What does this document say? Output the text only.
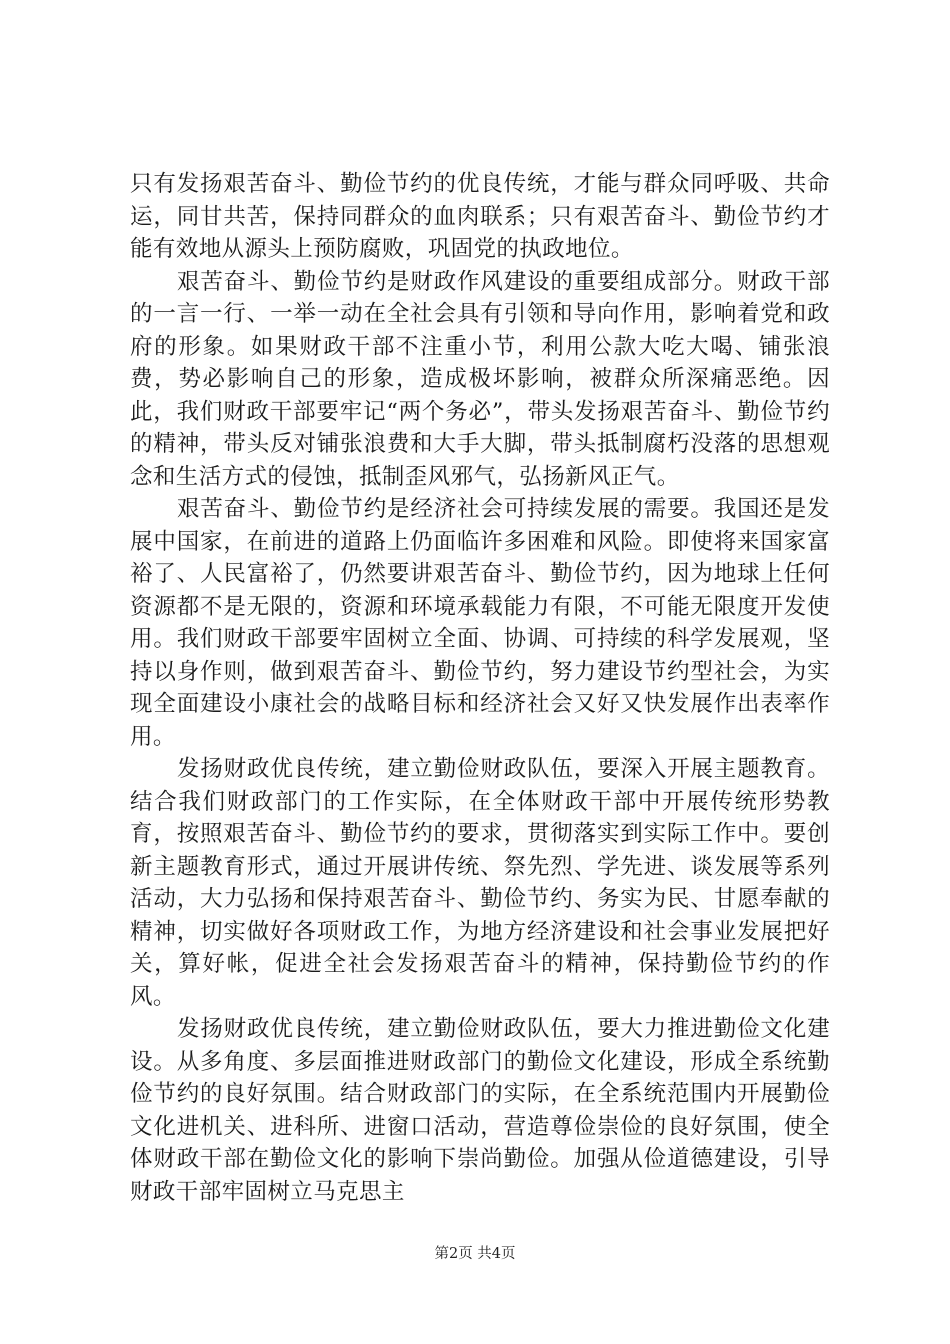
只有发扬艰苦奋斗、勤俭节约的优良传统，才能与群众同呼吸、共命运，同甘共苦，保持同群众的血肉联系；只有艰苦奋斗、勤俭节约才能有效地从源头上预防腐败，巩固党的执政地位。

艰苦奋斗、勤俭节约是财政作风建设的重要组成部分。财政干部的一言一行、一举一动在全社会具有引领和导向作用，影响着党和政府的形象。如果财政干部不注重小节，利用公款大吃大喝、铺张浪费，势必影响自己的形象，造成极坏影响，被群众所深痛恶绝。因此，我们财政干部要牢记“两个务必”，带头发扬艰苦奋斗、勤俭节约的精神，带头反对铺张浪费和大手大脚，带头抵制腐朽没落的思想观念和生活方式的侵蚀，抵制歪风邪气，弘扬新风正气。

艰苦奋斗、勤俭节约是经济社会可持续发展的需要。我国还是发展中国家，在前进的道路上仍面临许多困难和风险。即使将来国家富裕了、人民富裕了，仍然要讲艰苦奋斗、勤俭节约，因为地球上任何资源都不是无限的，资源和环境承载能力有限，不可能无限度开发使用。我们财政干部要牢固树立全面、协调、可持续的科学发展观，坚持以身作则，做到艰苦奋斗、勤俭节约，努力建设节约型社会，为实现全面建设小康社会的战略目标和经济社会又好又快发展作出表率作用。

发扬财政优良传统，建立勤俭财政队伍，要深入开展主题教育。结合我们财政部门的工作实际，在全体财政干部中开展传统形势教育，按照艰苦奋斗、勤俭节约的要求，贯彻落实到实际工作中。要创新主题教育形式，通过开展讲传统、祭先烈、学先进、谈发展等系列活动，大力弘扬和保持艰苦奋斗、勤俭节约、务实为民、甘愿奉献的精神，切实做好各项财政工作，为地方经济建设和社会事业发展把好关，算好帐，促进全社会发扬艰苦奋斗的精神，保持勤俭节约的作风。

发扬财政优良传统，建立勤俭财政队伍，要大力推进勤俭文化建设。从多角度、多层面推进财政部门的勤俭文化建设，形成全系统勤俭节约的良好氛围。结合财政部门的实际，在全系统范围内开展勤俭文化进机关、进科所、进窗口活动，营造尊俭崇俭的良好氛围，使全体财政干部在勤俭文化的影响下崇尚勤俭。加强从俭道德建设，引导财政干部牢固树立马克思主

第2页 共4页
